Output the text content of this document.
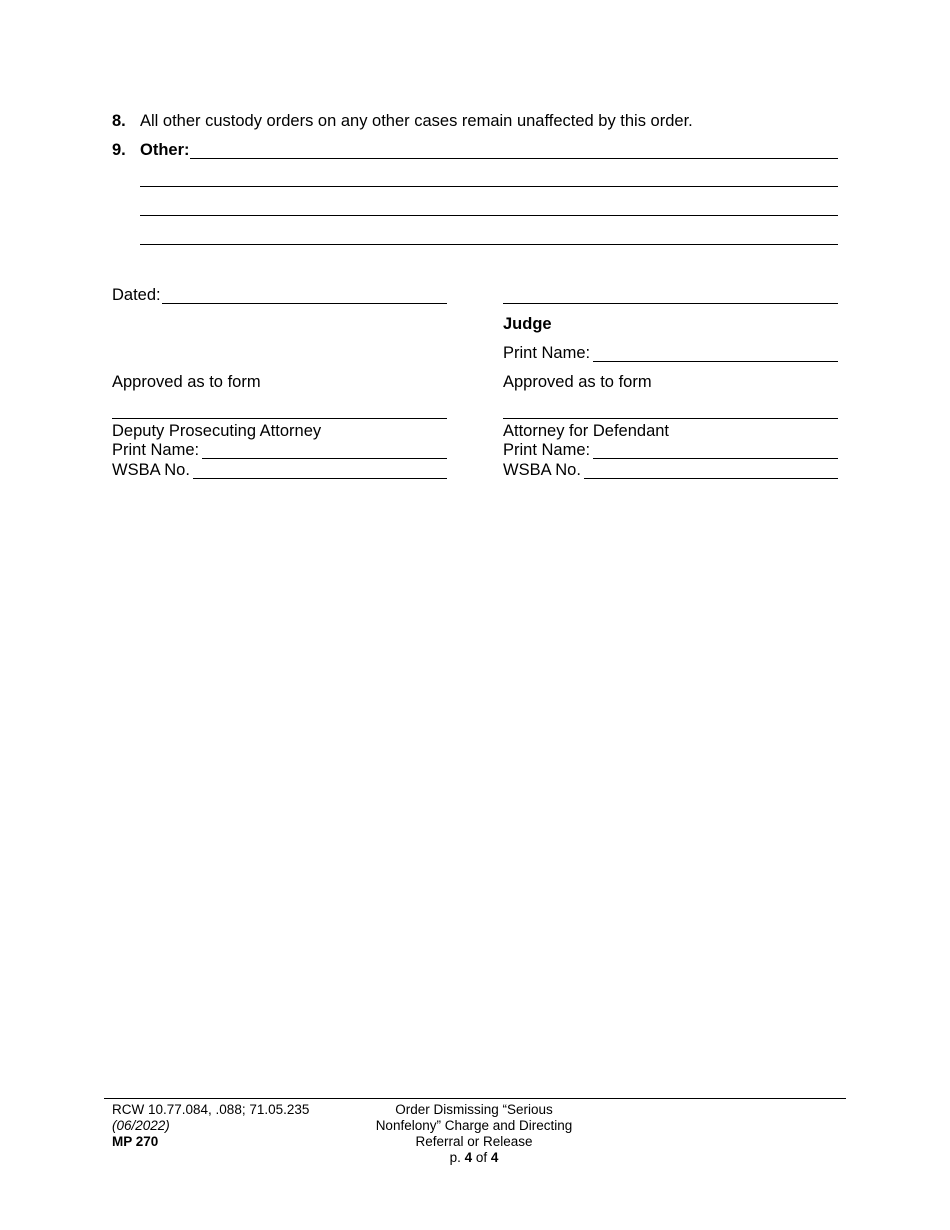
8. All other custody orders on any other cases remain unaffected by this order.
9. Other:
Dated:
Judge
Print Name:
Approved as to form	Approved as to form
Deputy Prosecuting Attorney
Print Name:
WSBA No.
Attorney for Defendant
Print Name:
WSBA No.
RCW 10.77.084, .088; 71.05.235
(06/2022)
MP 270
Order Dismissing “Serious
Nonfelony” Charge and Directing
Referral or Release
p. 4 of 4
